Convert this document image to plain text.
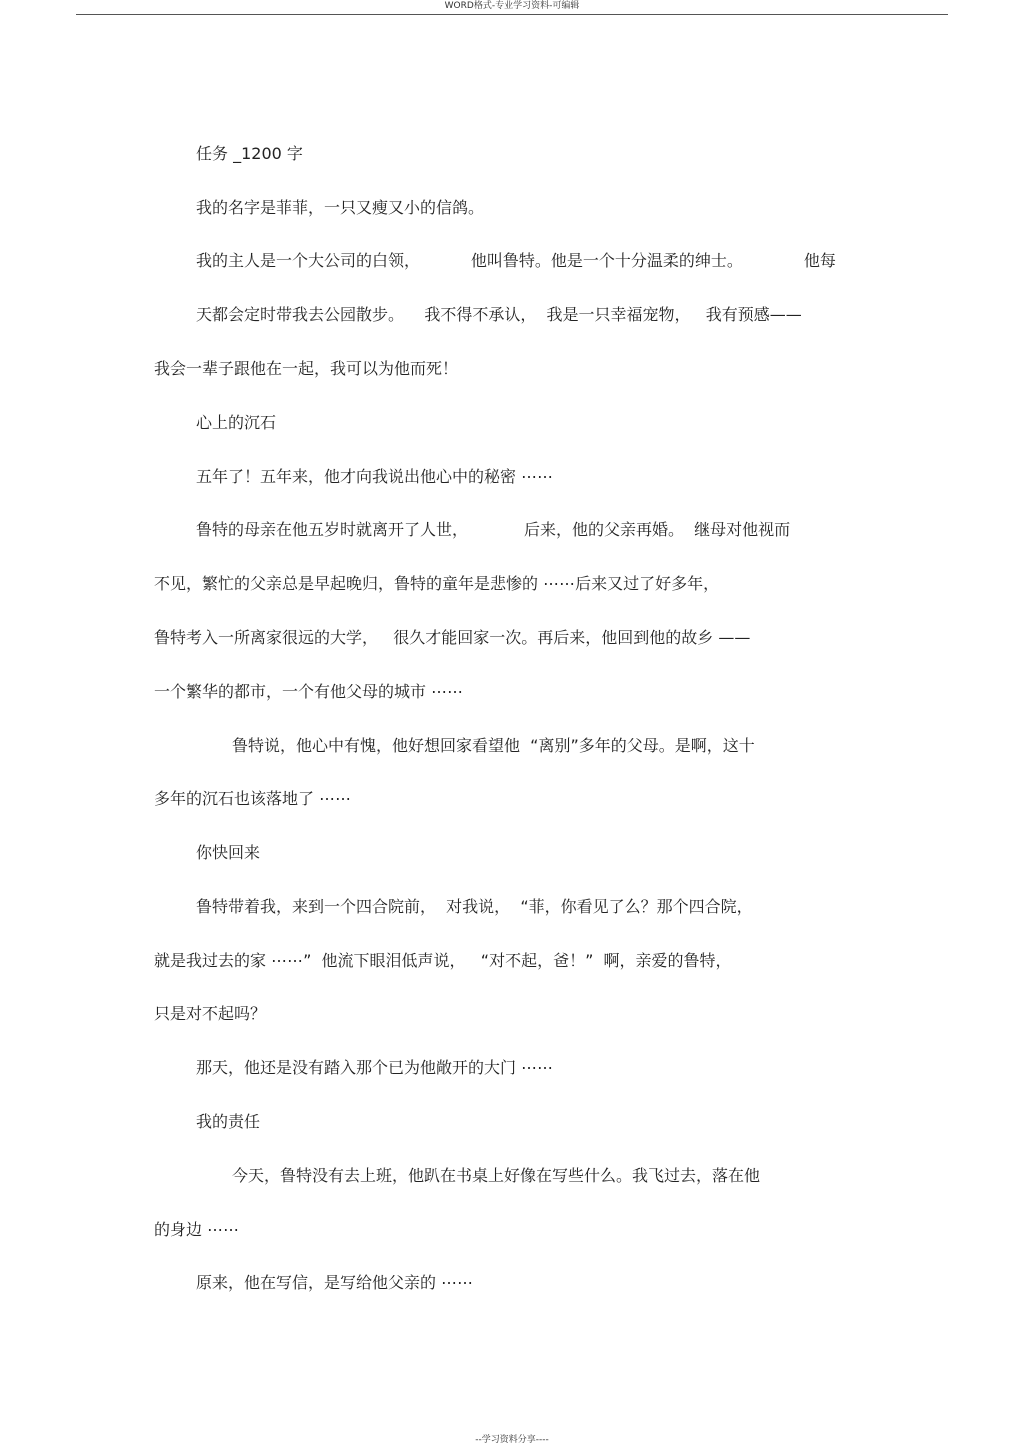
WORD格式-专业学习资料-可编辑
任务 _1200 字
我的名字是菲菲，一只又瘦又小的信鸽。
我的主人是一个大公司的白领，          他叫鲁特。他是一个十分温柔的绅士。            他每
天都会定时带我去公园散步。    我不得不承认，  我是一只幸福宠物，   我有预感——
我会一辈子跟他在一起，我可以为他而死！
心上的沉石
五年了！五年来，他才向我说出他心中的秘密 ⋯⋯
鲁特的母亲在他五岁时就离开了人世，           后来，他的父亲再婚。  继母对他视而
不见，繁忙的父亲总是早起晚归，鲁特的童年是悲惨的 ⋯⋯后来又过了好多年，
鲁特考入一所离家很远的大学，   很久才能回家一次。再后来，他回到他的故乡 ——
一个繁华的都市，一个有他父母的城市 ⋯⋯
鲁特说，他心中有愧，他好想回家看望他  “离别”多年的父母。是啊，这十
多年的沉石也该落地了 ⋯⋯
你快回来
鲁特带着我，来到一个四合院前，  对我说，  “菲，你看见了么？那个四合院，
就是我过去的家 ⋯⋯”  他流下眼泪低声说，   “对不起，爸！”  啊，亲爱的鲁特，
只是对不起吗？
那天，他还是没有踏入那个已为他敞开的大门 ⋯⋯
我的责任
今天，鲁特没有去上班，他趴在书桌上好像在写些什么。我飞过去，落在他
的身边 ⋯⋯
原来，他在写信，是写给他父亲的 ⋯⋯
--学习资料分享----
